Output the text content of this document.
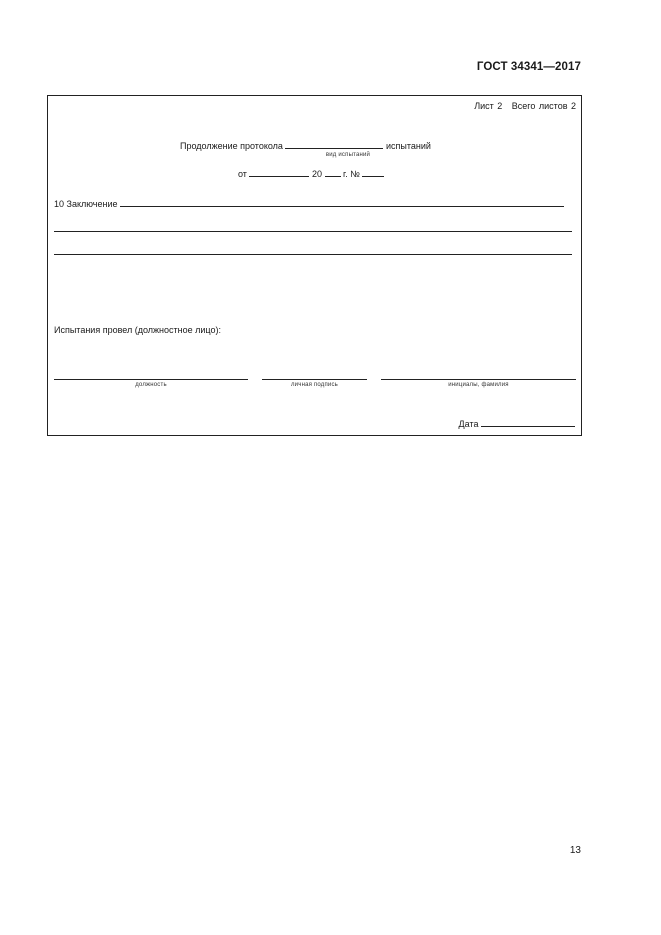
ГОСТ 34341—2017
Лист 2 Всего листов 2
Продолжение протокола	испытаний
вид испытаний
от	20 г. №
10 Заключение
Испытания провел (должностное лицо):
должность	личная подпись	инициалы, фамилия
Дата
13
